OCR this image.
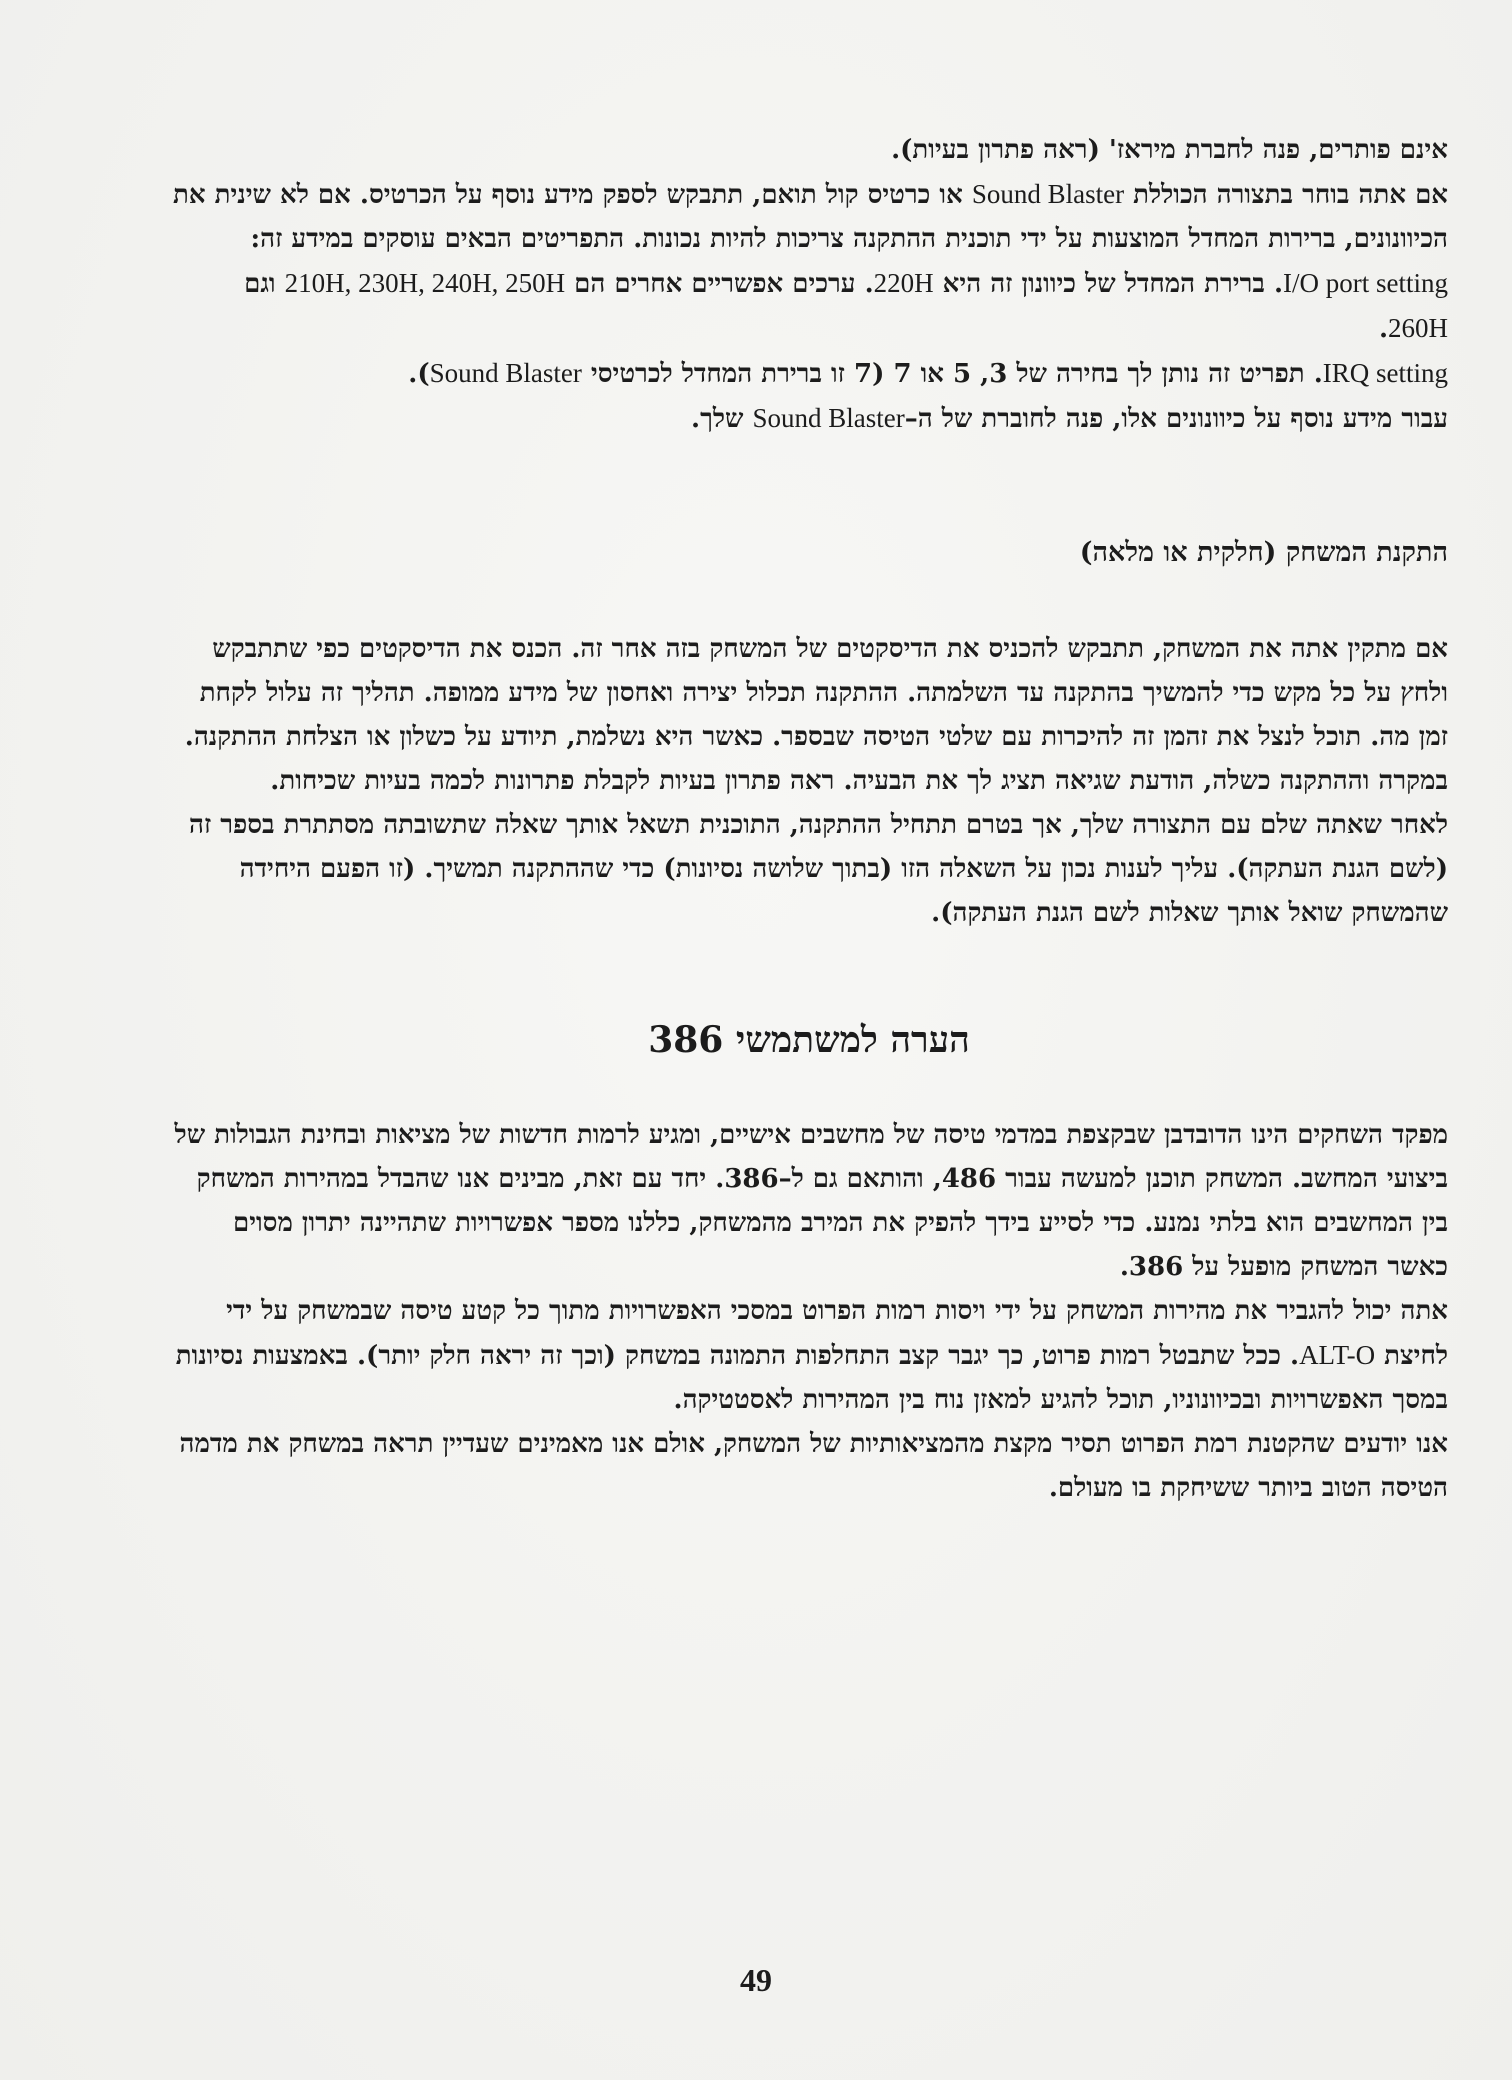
אינם פותרים, פנה לחברת מיראז' (ראה פתרון בעיות).

אם אתה בוחר בתצורה הכוללת Sound Blaster או כרטיס קול תואם, תתבקש לספק מידע נוסף על הכרטיס. אם לא שינית את הכיוונונים, ברירות המחדל המוצעות על ידי תוכנית ההתקנה צריכות להיות נכונות. התפריטים הבאים עוסקים במידע זה:

I/O port setting. ברירת המחדל של כיוונון זה היא 220H. ערכים אפשריים אחרים הם 210H, 230H, 240H, 250H וגם 260H.

IRQ setting. תפריט זה נותן לך בחירה של 3, 5 או 7 (7 זו ברירת המחדל לכרטיסי Sound Blaster).

עבור מידע נוסף על כיוונונים אלו, פנה לחוברת של ה–Sound Blaster שלך.

התקנת המשחק (חלקית או מלאה)

אם מתקין אתה את המשחק, תתבקש להכניס את הדיסקטים של המשחק בזה אחר זה. הכנס את הדיסקטים כפי שתתבקש ולחץ על כל מקש כדי להמשיך בהתקנה עד השלמתה. ההתקנה תכלול יצירה ואחסון של מידע ממופה. תהליך זה עלול לקחת זמן מה. תוכל לנצל את זהמן זה להיכרות עם שלטי הטיסה שבספר. כאשר היא נשלמת, תיודע על כשלון או הצלחת ההתקנה.

במקרה וההתקנה כשלה, הודעת שגיאה תציג לך את הבעיה. ראה פתרון בעיות לקבלת פתרונות לכמה בעיות שכיחות.

לאחר שאתה שלם עם התצורה שלך, אך בטרם תתחיל ההתקנה, התוכנית תשאל אותך שאלה שתשובתה מסתתרת בספר זה (לשם הגנת העתקה). עליך לענות נכון על השאלה הזו (בתוך שלושה נסיונות) כדי שההתקנה תמשיך. (זו הפעם היחידה שהמשחק שואל אותך שאלות לשם הגנת העתקה).

הערה למשתמשי 386

מפקד השחקים הינו הדובדבן שבקצפת במדמי טיסה של מחשבים אישיים, ומגיע לרמות חדשות של מציאות ובחינת הגבולות של ביצועי המחשב. המשחק תוכנן למעשה עבור 486, והותאם גם ל–386. יחד עם זאת, מבינים אנו שהבדל במהירות המשחק בין המחשבים הוא בלתי נמנע. כדי לסייע בידך להפיק את המירב מהמשחק, כללנו מספר אפשרויות שתהיינה יתרון מסוים כאשר המשחק מופעל על 386.

אתה יכול להגביר את מהירות המשחק על ידי ויסות רמות הפרוט במסכי האפשרויות מתוך כל קטע טיסה שבמשחק על ידי לחיצת ALT-O. ככל שתבטל רמות פרוט, כך יגבר קצב התחלפות התמונה במשחק (וכך זה יראה חלק יותר). באמצעות נסיונות במסך האפשרויות ובכיוונוניו, תוכל להגיע למאזן נוח בין המהירות לאסטטיקה.

אנו יודעים שהקטנת רמת הפרוט תסיר מקצת מהמציאותיות של המשחק, אולם אנו מאמינים שעדיין תראה במשחק את מדמה הטיסה הטוב ביותר ששיחקת בו מעולם.

49
